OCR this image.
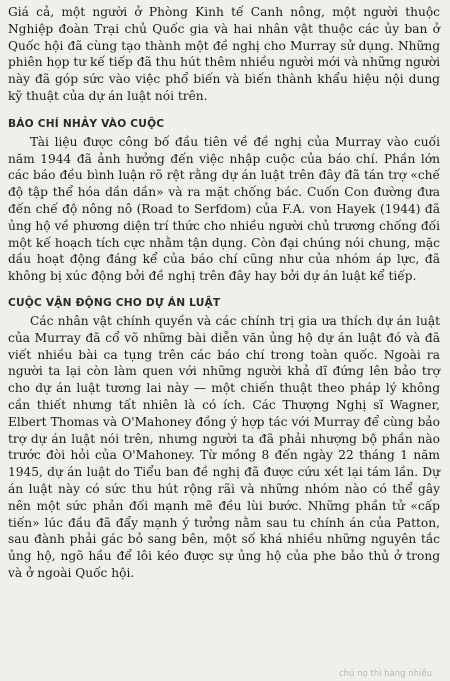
Giá cả, một người ở Phòng Kinh tế Canh nông, một người thuộc Nghiệp đoàn Trại chủ Quốc gia và hai nhân vật thuộc các ủy ban ở Quốc hội đã cùng tạo thành một đề nghị cho Murray sử dụng. Những phiên họp tư kế tiếp đã thu hút thêm nhiều người mới và những người này đã góp sức vào việc phổ biến và biến thành khẩu hiệu nội dung kỹ thuật của dự án luật nói trên.

BÁO CHÍ NHẢY VÀO CUỘC

Tài liệu được công bố đầu tiên về đề nghị của Murray vào cuối năm 1944 đã ảnh hưởng đến việc nhập cuộc của báo chí. Phần lớn các báo đều bình luận rõ rệt rằng dự án luật trên đây đã tán trợ «chế độ tập thể hóa dần dần» và ra mặt chống bác. Cuốn Con đường đưa đến chế độ nông nô (Road to Serfdom) của F.A. von Hayek (1944) đã ủng hộ về phương diện trí thức cho nhiều người chủ trương chống đối một kế hoạch tích cực nhằm tận dụng. Còn đại chúng nói chung, mặc dầu hoạt động đáng kể của báo chí cũng như của nhóm áp lực, đã không bị xúc động bởi đề nghị trên đây hay bởi dự án luật kể tiếp.

CUỘC VẬN ĐỘNG CHO DỰ ÁN LUẬT

Các nhân vật chính quyền và các chính trị gia ưa thích dự án luật của Murray đã cổ võ những bài diễn văn ủng hộ dự án luật đó và đã viết nhiều bài ca tụng trên các báo chí trong toàn quốc. Ngoài ra người ta lại còn làm quen với những người khả dĩ đứng lên bảo trợ cho dự án luật tương lai này — một chiến thuật theo pháp lý không cần thiết nhưng tất nhiên là có ích. Các Thượng Nghị sĩ Wagner, Elbert Thomas và O'Mahoney đồng ý hợp tác với Murray để cùng bảo trợ dự án luật nói trên, nhưng người ta đã phải nhượng bộ phần nào trước đòi hỏi của O'Mahoney. Từ mồng 8 đến ngày 22 tháng 1 năm 1945, dự án luật do Tiểu ban đề nghị đã được cứu xét lại tám lần. Dự án luật này có sức thu hút rộng rãi và những nhóm nào có thể gây nên một sức phản đối mạnh mẽ đều lùi bước. Những phần tử «cấp tiến» lúc đầu đã đẩy mạnh ý tưởng nằm sau tu chính án của Patton, sau đành phải gác bỏ sang bên, một số khá nhiều những nguyên tắc ủng hộ, ngõ hầu để lôi kéo được sự ủng hộ của phe bảo thủ ở trong và ở ngoài Quốc hội.

chủ nọ thì hàng nhiều
